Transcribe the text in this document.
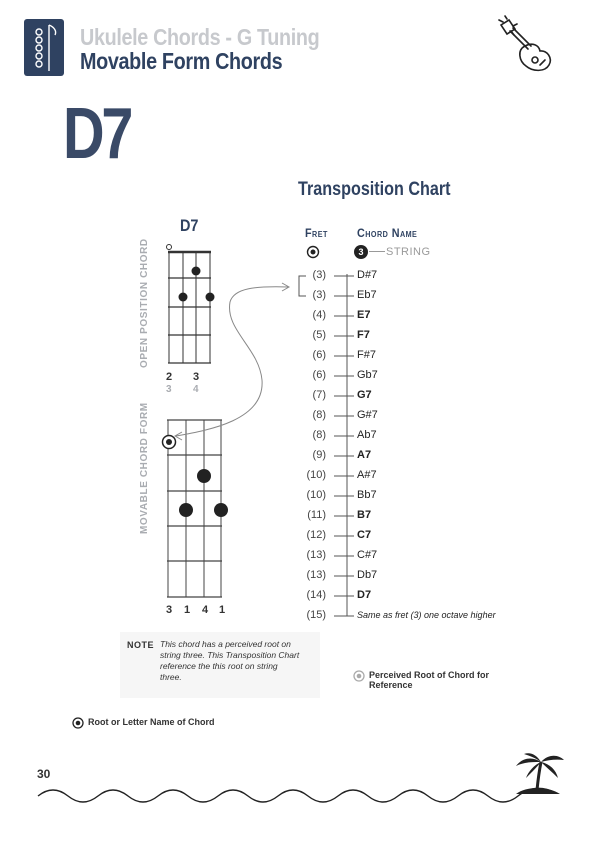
Ukulele Chords - G Tuning
Movable Form Chords
D7
Transposition Chart
D7
OPEN POSITION CHORD
MOVABLE CHORD FORM
2 3
3 4
3 1 4 1
Fret Chord Name
3	STRING
(3)	D#7
(3)	Eb7
(4)	E7
(5)	F7
(6)	F#7
(6)	Gb7
(7)	G7
(8)	G#7
(8)	Ab7
(9)	A7
(10)	A#7
(10)	Bb7
(11)	B7
(12)	C7
(13)	C#7
(13)	Db7
(14)	D7
(15)	Same as fret (3) one octave higher
NOTE This chord has a perceived root on string three. This Transposition Chart reference the this root on string three.	Perceived Root of Chord for Reference
Root or Letter Name of Chord
30
